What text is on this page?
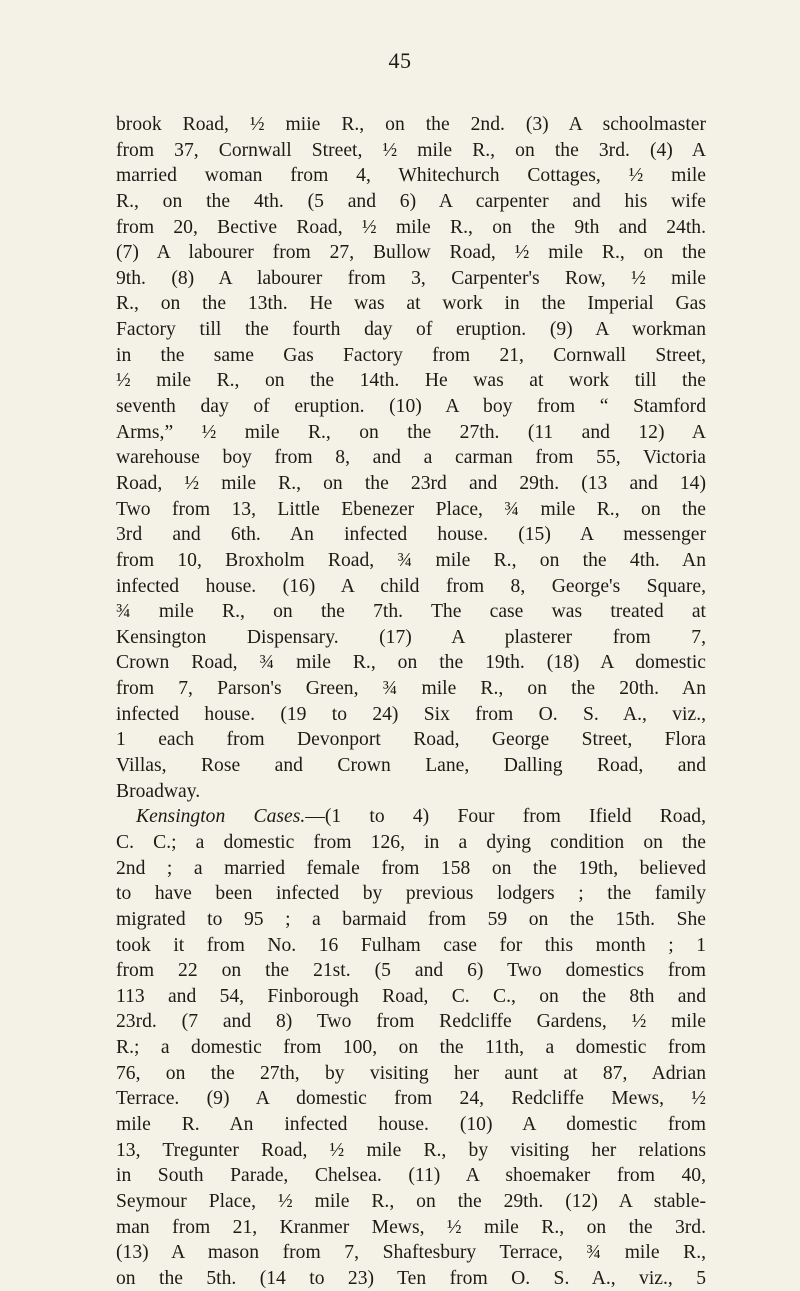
45
brook Road, ½ miie R., on the 2nd. (3) A schoolmaster
from 37, Cornwall Street, ½ mile R., on the 3rd. (4) A
married woman from 4, Whitechurch Cottages, ½ mile
R., on the 4th. (5 and 6) A carpenter and his wife
from 20, Bective Road, ½ mile R., on the 9th and 24th.
(7) A labourer from 27, Bullow Road, ½ mile R., on the
9th. (8) A labourer from 3, Carpenter's Row, ½ mile
R., on the 13th. He was at work in the Imperial Gas
Factory till the fourth day of eruption. (9) A workman
in the same Gas Factory from 21, Cornwall Street,
½ mile R., on the 14th. He was at work till the
seventh day of eruption. (10) A boy from “ Stamford
Arms,” ½ mile R., on the 27th. (11 and 12) A
warehouse boy from 8, and a carman from 55, Victoria
Road, ½ mile R., on the 23rd and 29th. (13 and 14)
Two from 13, Little Ebenezer Place, ¾ mile R., on the
3rd and 6th. An infected house. (15) A messenger
from 10, Broxholm Road, ¾ mile R., on the 4th. An
infected house. (16) A child from 8, George's Square,
¾ mile R., on the 7th. The case was treated at
Kensington Dispensary. (17) A plasterer from 7,
Crown Road, ¾ mile R., on the 19th. (18) A domestic
from 7, Parson's Green, ¾ mile R., on the 20th. An
infected house. (19 to 24) Six from O. S. A., viz.,
1 each from Devonport Road, George Street, Flora
Villas, Rose and Crown Lane, Dalling Road, and
Broadway.
Kensington Cases.—(1 to 4) Four from Ifield Road,
C. C.; a domestic from 126, in a dying condition on the
2nd ; a married female from 158 on the 19th, believed
to have been infected by previous lodgers ; the family
migrated to 95 ; a barmaid from 59 on the 15th. She
took it from No. 16 Fulham case for this month ; 1
from 22 on the 21st. (5 and 6) Two domestics from
113 and 54, Finborough Road, C. C., on the 8th and
23rd. (7 and 8) Two from Redcliffe Gardens, ½ mile
R.; a domestic from 100, on the 11th, a domestic from
76, on the 27th, by visiting her aunt at 87, Adrian
Terrace. (9) A domestic from 24, Redcliffe Mews, ½
mile R. An infected house. (10) A domestic from
13, Tregunter Road, ½ mile R., by visiting her relations
in South Parade, Chelsea. (11) A shoemaker from 40,
Seymour Place, ½ mile R., on the 29th. (12) A stable-
man from 21, Kranmer Mews, ½ mile R., on the 3rd.
(13) A mason from 7, Shaftesbury Terrace, ¾ mile R.,
on the 5th. (14 to 23) Ten from O. S. A., viz., 5
